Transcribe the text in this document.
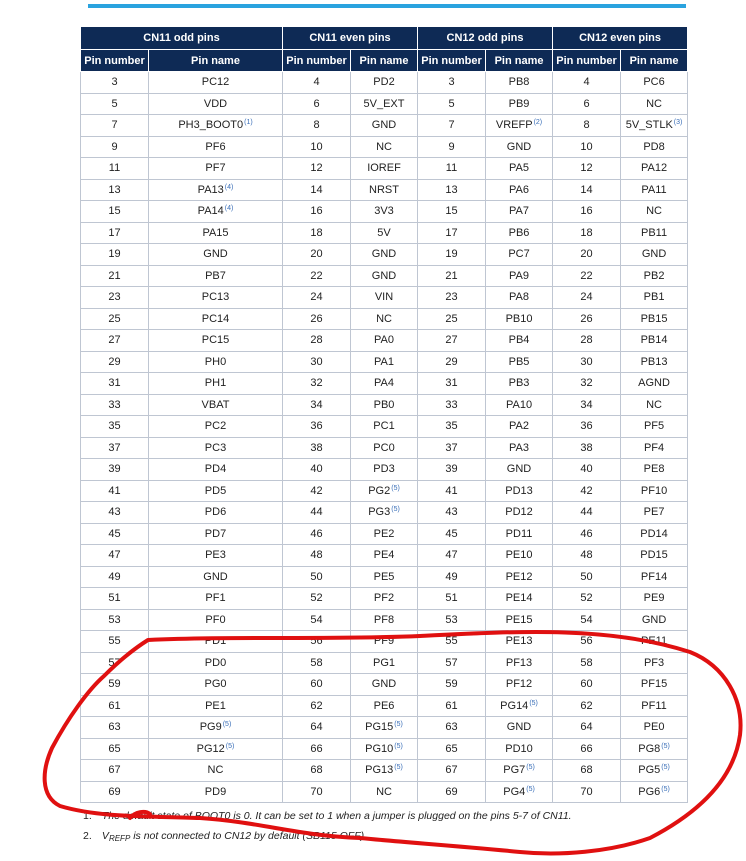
CN11 odd pins		CN11 even pins		CN12 odd pins		CN12 even pins	
Pin number	Pin name	Pin number	Pin name	Pin number	Pin name	Pin number	Pin name
3	PC12	4	PD2	3	PB8	4	PC6
5	VDD	6	5V_EXT	5	PB9	6	NC
7	PH3_BOOT0$^{(1)}$	8	GND	7	VREFP$^{(2)}$	8	5V_STLK$^{(3)}$
9	PF6	10	NC	9	GND	10	PD8
11	PF7	12	IOREF	11	PA5	12	PA12
13	PA13$^{(4)}$	14	NRST	13	PA6	14	PA11
15	PA14$^{(4)}$	16	3V3	15	PA7	16	NC
17	PA15	18	5V	17	PB6	18	PB11
19	GND	20	GND	19	PC7	20	GND
21	PB7	22	GND	21	PA9	22	PB2
23	PC13	24	VIN	23	PA8	24	PB1
25	PC14	26	NC	25	PB10	26	PB15
27	PC15	28	PA0	27	PB4	28	PB14
29	PH0	30	PA1	29	PB5	30	PB13
31	PH1	32	PA4	31	PB3	32	AGND
33	VBAT	34	PB0	33	PA10	34	NC
35	PC2	36	PC1	35	PA2	36	PF5
37	PC3	38	PC0	37	PA3	38	PF4
39	PD4	40	PD3	39	GND	40	PE8
41	PD5	42	PG2$^{(5)}$	41	PD13	42	PF10
43	PD6	44	PG3$^{(5)}$	43	PD12	44	PE7
45	PD7	46	PE2	45	PD11	46	PD14
47	PE3	48	PE4	47	PE10	48	PD15
49	GND	50	PE5	49	PE12	50	PF14
51	PF1	52	PF2	51	PE14	52	PE9
53	PF0	54	PF8	53	PE15	54	GND
55	PD1	56	PF9	55	PE13	56	PE11
57	PD0	58	PG1	57	PF13	58	PF3
59	PG0	60	GND	59	PF12	60	PF15
61	PE1	62	PE6	61	PG14$^{(5)}$	62	PF11
63	PG9$^{(5)}$	64	PG15$^{(5)}$	63	GND	64	PE0
65	PG12$^{(5)}$	66	PG10$^{(5)}$	65	PD10	66	PG8$^{(5)}$
67	NC	68	PG13$^{(5)}$	67	PG7$^{(5)}$	68	PG5$^{(5)}$
69	PD9	70	NC	69	PG4$^{(5)}$	70	PG6$^{(5)}$
1. The default state of BOOT0 is 0. It can be set to 1 when a jumper is plugged on the pins 5-7 of CN11.
2. VREFP is not connected to CN12 by default (SB115 OFF).
